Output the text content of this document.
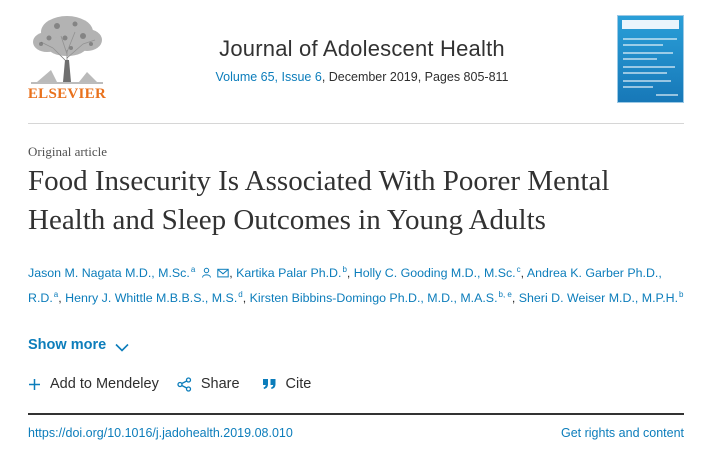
ELSEVIER
Journal of Adolescent Health
Volume 65, Issue 6, December 2019, Pages 805-811
Original article
Food Insecurity Is Associated With Poorer Mental Health and Sleep Outcomes in Young Adults
Jason M. Nagata M.D., M.Sc.$^a$	, Kartika Palar Ph.D.$^b$, Holly C. Gooding M.D., M.Sc.$^c$, Andrea K. Garber Ph.D., R.D.$^a$, Henry J. Whittle M.B.B.S., M.S.$^d$, Kirsten Bibbins-Domingo Ph.D., M.D., M.A.S.$^{b, e}$, Sheri D. Weiser M.D., M.P.H.$^b$
Show more
Add to Mendeley	Share	Cite
https://doi.org/10.1016/j.jadohealth.2019.08.010	Get rights and content
